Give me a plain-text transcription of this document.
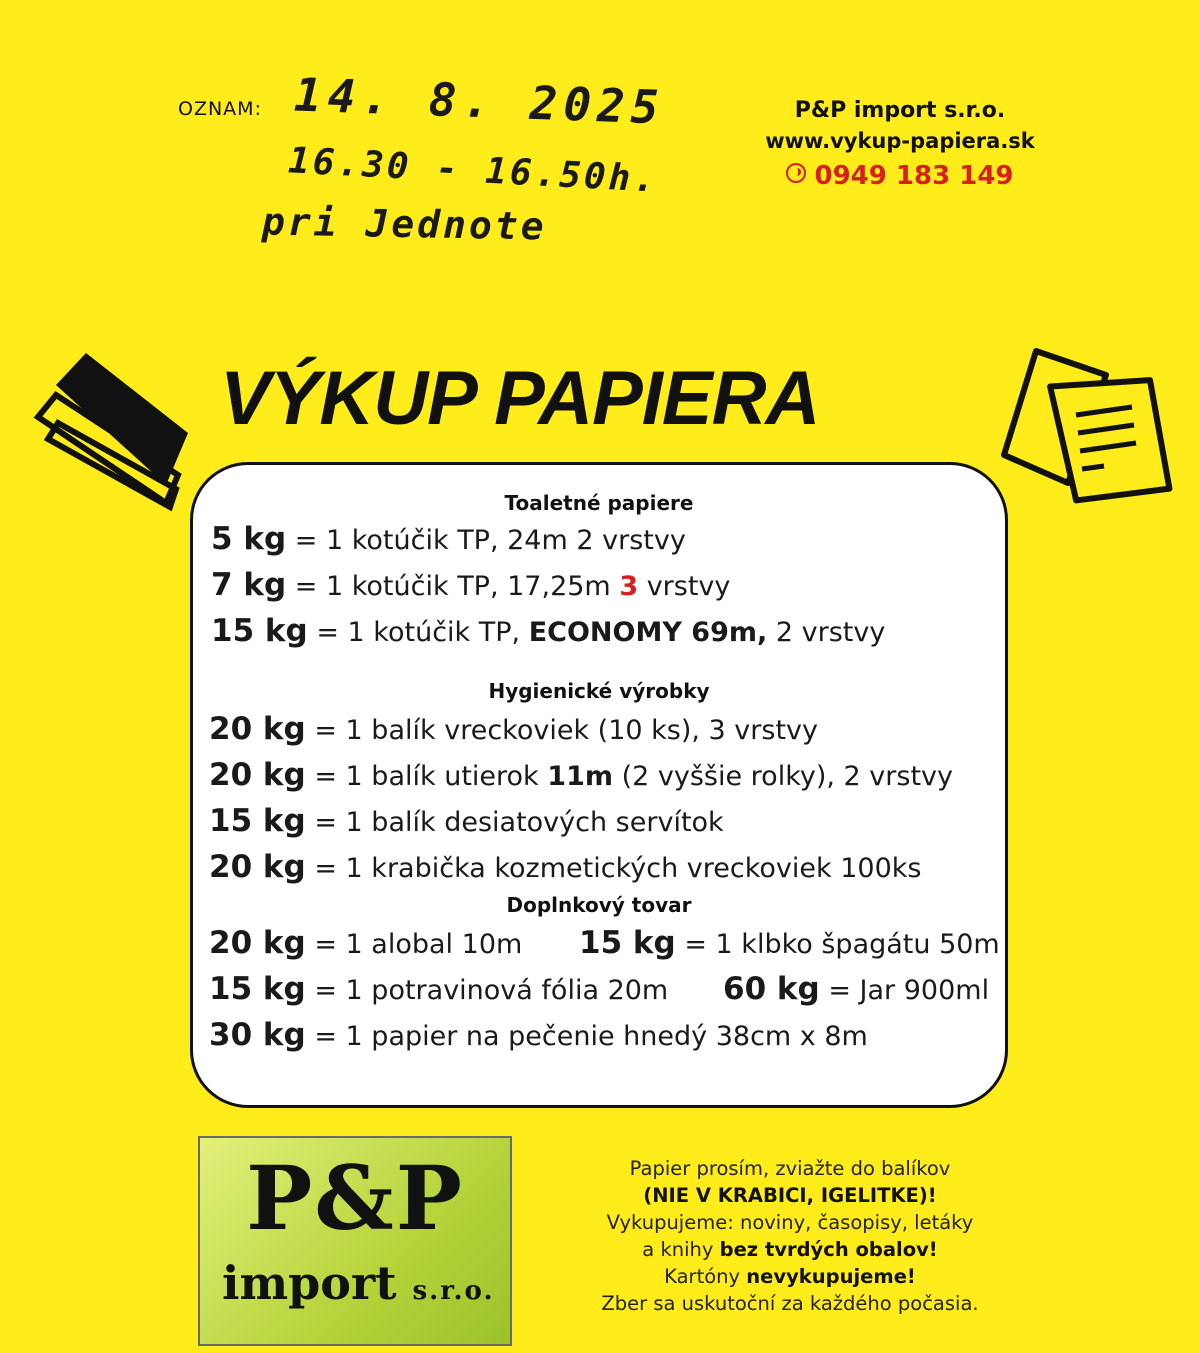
OZNAM: 14. 8. 2025
16.30 - 16.50h.
pri Jednote
P&P import s.r.o.
www.vykup-papiera.sk
0949 183 149
VÝKUP PAPIERA
Toaletné papiere
5 kg = 1 kotúčik TP, 24m 2 vrstvy
7 kg = 1 kotúčik TP, 17,25m 3 vrstvy
15 kg = 1 kotúčik TP, ECONOMY 69m, 2 vrstvy
Hygienické výrobky
20 kg = 1 balík vreckoviek (10 ks), 3 vrstvy
20 kg = 1 balík utierok 11m (2 vyššie rolky), 2 vrstvy
15 kg = 1 balík desiatových servítok
20 kg = 1 krabička kozmetických vreckoviek 100ks
Doplnkový tovar
20 kg = 1 alobal 10m 15 kg = 1 klbko špagátu 50m
15 kg = 1 potravinová fólia 20m 60 kg = Jar 900ml
30 kg = 1 papier na pečenie hnedý 38cm x 8m
P&P
import s.r.o.
Papier prosím, zviažte do balíkov
(NIE V KRABICI, IGELITKE)!
Vykupujeme: noviny, časopisy, letáky
a knihy bez tvrdých obalov!
Kartóny nevykupujeme!
Zber sa uskutoční za každého počasia.
